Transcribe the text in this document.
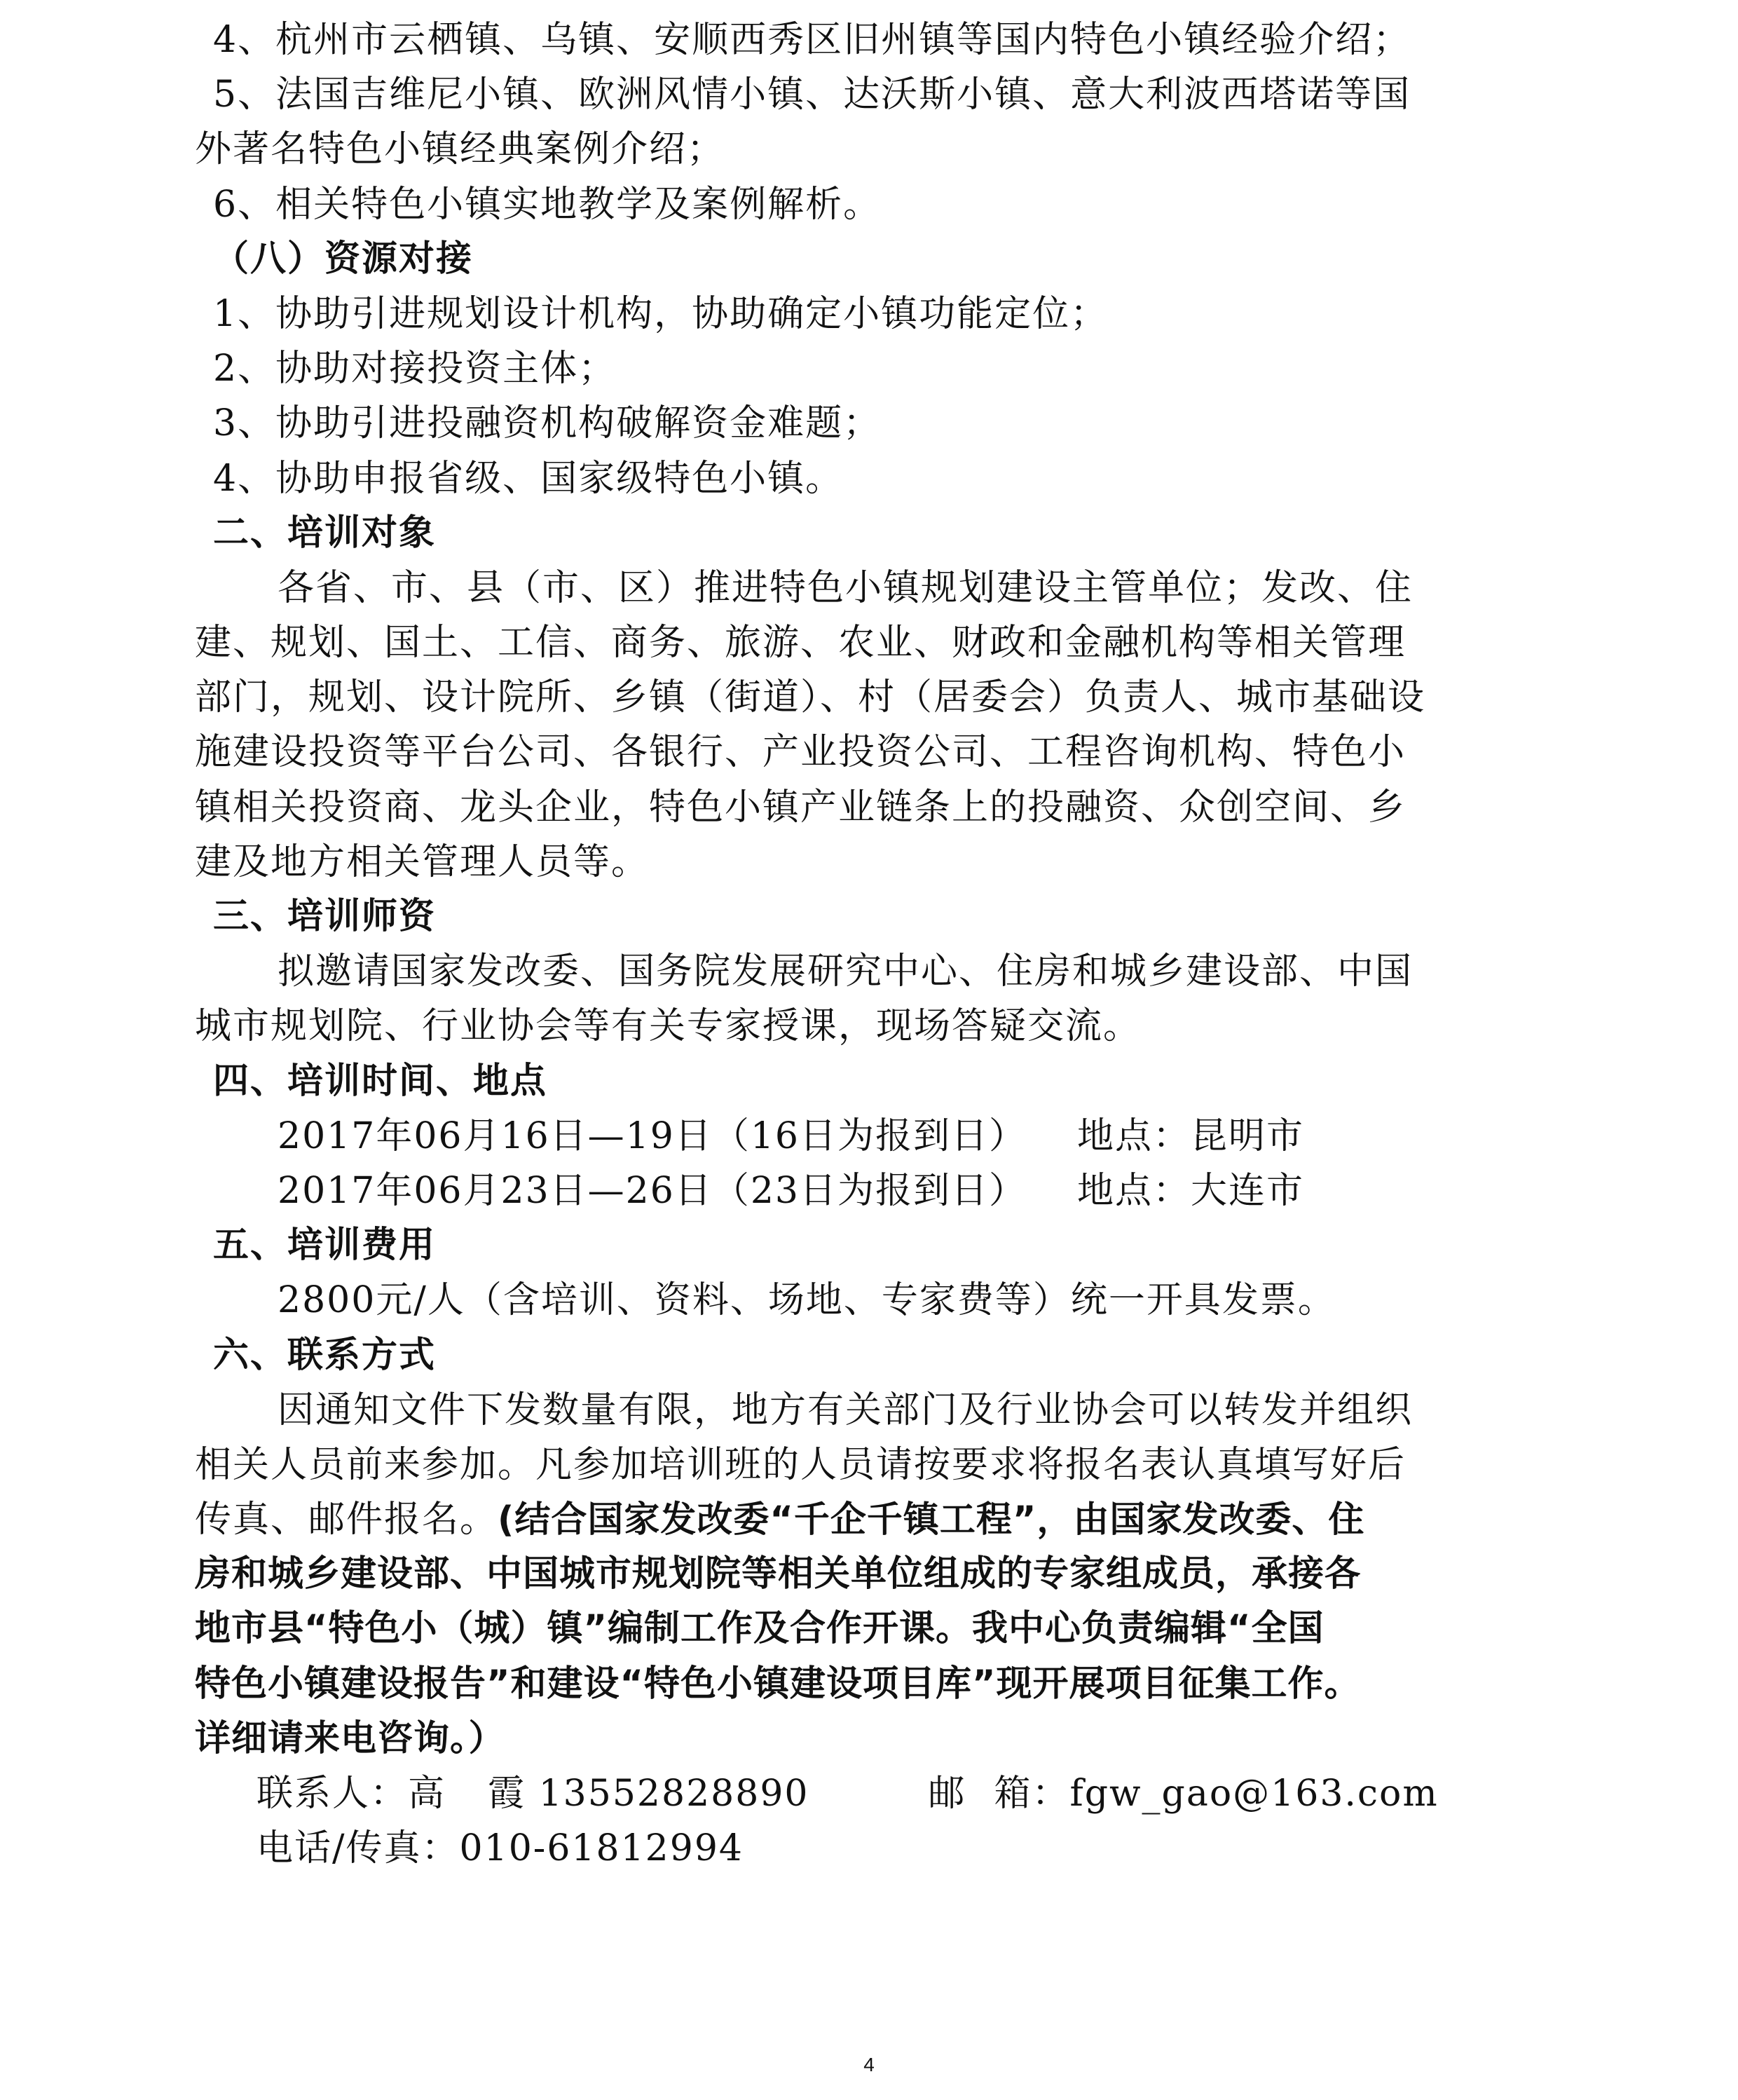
4、杭州市云栖镇、乌镇、安顺西秀区旧州镇等国内特色小镇经验介绍；
5、法国吉维尼小镇、欧洲风情小镇、达沃斯小镇、意大利波西塔诺等国
外著名特色小镇经典案例介绍；
6、相关特色小镇实地教学及案例解析。
（八）资源对接
1、协助引进规划设计机构，协助确定小镇功能定位；
2、协助对接投资主体；
3、协助引进投融资机构破解资金难题；
4、协助申报省级、国家级特色小镇。
二、培训对象
各省、市、县（市、区）推进特色小镇规划建设主管单位；发改、住
建、规划、国土、工信、商务、旅游、农业、财政和金融机构等相关管理
部门，规划、设计院所、乡镇（街道）、村（居委会）负责人、城市基础设
施建设投资等平台公司、各银行、产业投资公司、工程咨询机构、特色小
镇相关投资商、龙头企业，特色小镇产业链条上的投融资、众创空间、乡
建及地方相关管理人员等。
三、培训师资
拟邀请国家发改委、国务院发展研究中心、住房和城乡建设部、中国
城市规划院、行业协会等有关专家授课，现场答疑交流。
四、培训时间、地点
2017年06月16日—19日（16日为报到日） 地点：昆明市
2017年06月23日—26日（23日为报到日） 地点：大连市
五、培训费用
2800元/人（含培训、资料、场地、专家费等）统一开具发票。
六、联系方式
因通知文件下发数量有限，地方有关部门及行业协会可以转发并组织
相关人员前来参加。凡参加培训班的人员请按要求将报名表认真填写好后
传真、邮件报名。(结合国家发改委“千企千镇工程”，由国家发改委、住
房和城乡建设部、中国城市规划院等相关单位组成的专家组成员，承接各
地市县“特色小（城）镇”编制工作及合作开课。我中心负责编辑“全国
特色小镇建设报告”和建设“特色小镇建设项目库”现开展项目征集工作。
详细请来电咨询。）
联系人：高 霞 13552828890	邮 箱：fgw_gao@163.com
电话/传真：010-61812994
4
